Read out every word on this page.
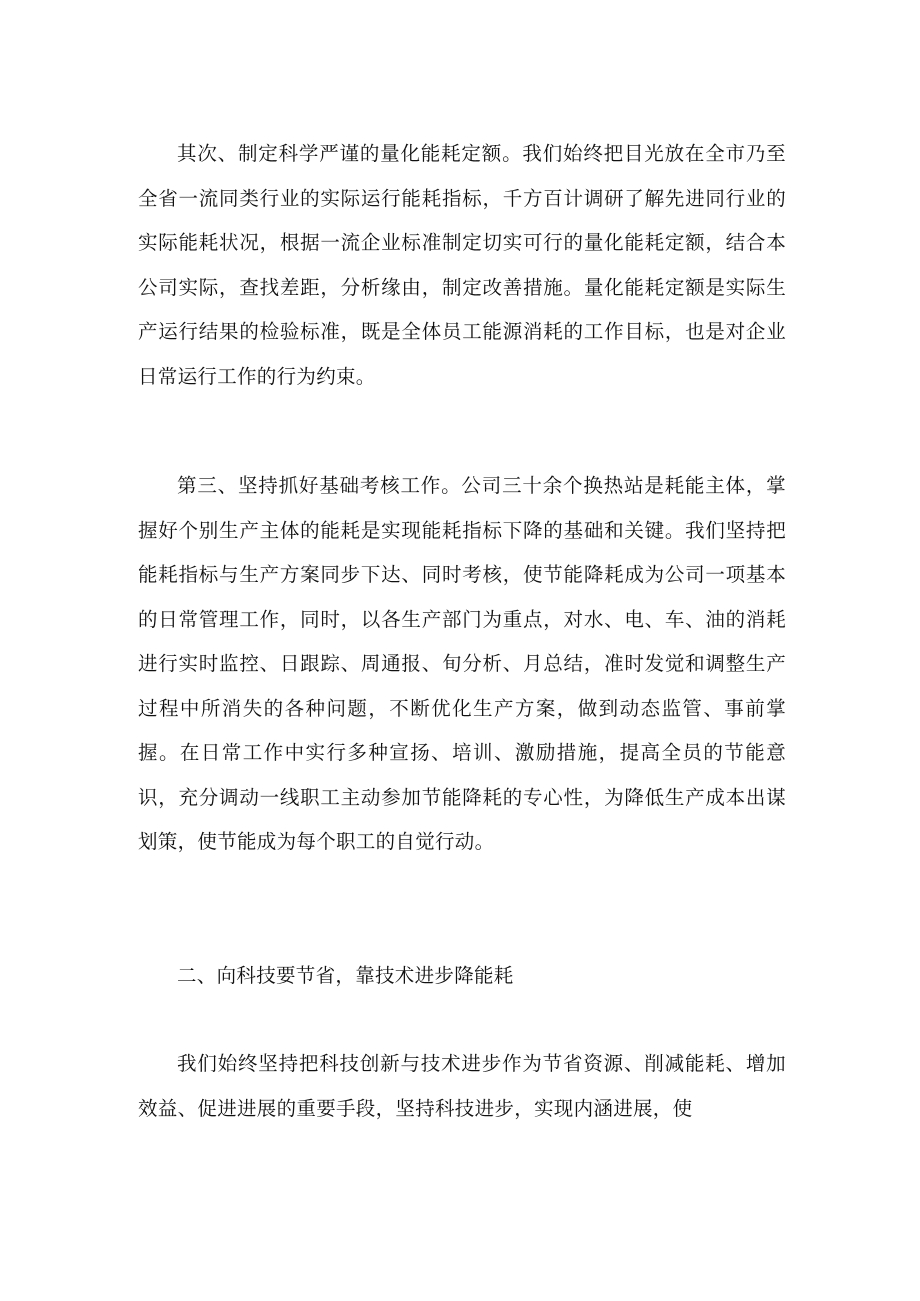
其次、制定科学严谨的量化能耗定额。我们始终把目光放在全市乃至全省一流同类行业的实际运行能耗指标，千方百计调研了解先进同行业的实际能耗状况，根据一流企业标准制定切实可行的量化能耗定额，结合本公司实际，查找差距，分析缘由，制定改善措施。量化能耗定额是实际生产运行结果的检验标准，既是全体员工能源消耗的工作目标，也是对企业日常运行工作的行为约束。

第三、坚持抓好基础考核工作。公司三十余个换热站是耗能主体，掌握好个别生产主体的能耗是实现能耗指标下降的基础和关键。我们坚持把能耗指标与生产方案同步下达、同时考核，使节能降耗成为公司一项基本的日常管理工作，同时，以各生产部门为重点，对水、电、车、油的消耗进行实时监控、日跟踪、周通报、旬分析、月总结，准时发觉和调整生产过程中所消失的各种问题，不断优化生产方案，做到动态监管、事前掌握。在日常工作中实行多种宣扬、培训、激励措施，提高全员的节能意识，充分调动一线职工主动参加节能降耗的专心性，为降低生产成本出谋划策，使节能成为每个职工的自觉行动。

二、向科技要节省，靠技术进步降能耗

我们始终坚持把科技创新与技术进步作为节省资源、削减能耗、增加效益、促进进展的重要手段，坚持科技进步，实现内涵进展，使
